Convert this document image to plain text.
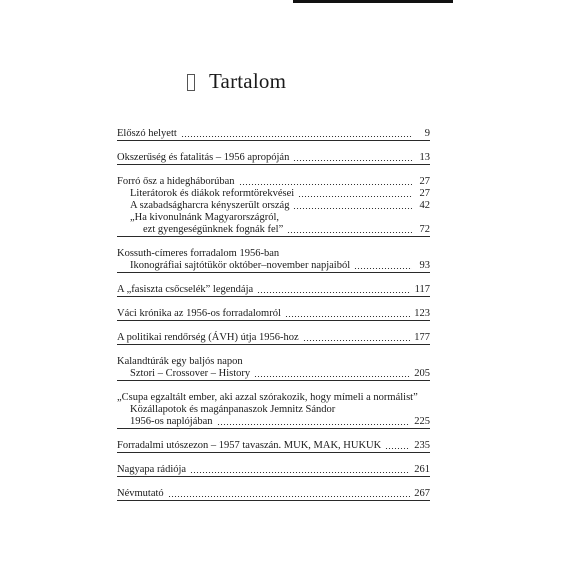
Tartalom
Előszó helyett	9
Okszerűség és fatalitás – 1956 apropóján	13
Forró ősz a hidegháborúban	27
Literátorok és diákok reformtörekvései	27
A szabadságharcra kényszerült ország	42
„Ha kivonulnánk Magyarországról,
ezt gyengeségünknek fognák fel”	72
Kossuth-címeres forradalom 1956-ban
Ikonográfiai sajtótükör október–november napjaiból	93
A „fasiszta csőcselék” legendája	117
Váci krónika az 1956-os forradalomról	123
A politikai rendőrség (ÁVH) útja 1956-hoz	177
Kalandtúrák egy baljós napon
Sztori – Crossover – History	205
„Csupa egzaltált ember, aki azzal szórakozik, hogy mímeli a normálist”
Közállapotok és magánpanaszok Jemnitz Sándor
1956-os naplójában	225
Forradalmi utószezon – 1957 tavaszán. MUK, MAK, HUKUK	235
Nagyapa rádiója	261
Névmutató	267
